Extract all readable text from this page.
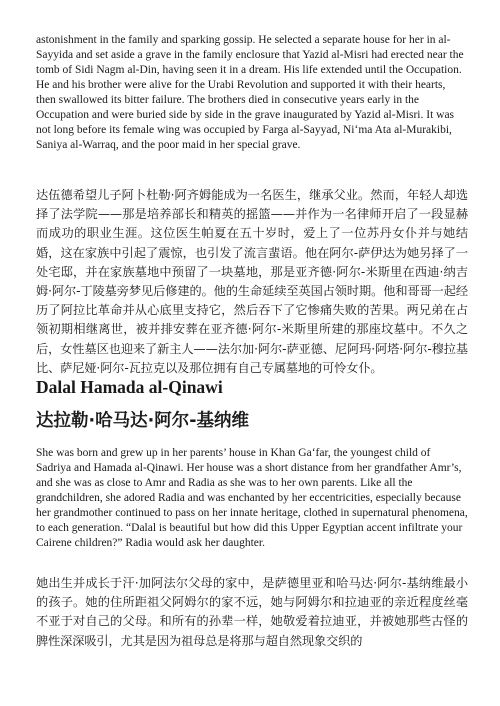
astonishment in the family and sparking gossip. He selected a separate house for her in al-Sayyida and set aside a grave in the family enclosure that Yazid al-Misri had erected near the tomb of Sidi Nagm al-Din, having seen it in a dream. His life extended until the Occupation. He and his brother were alive for the Urabi Revolution and supported it with their hearts, then swallowed its bitter failure. The brothers died in consecutive years early in the Occupation and were buried side by side in the grave inaugurated by Yazid al-Misri. It was not long before its female wing was occupied by Farga al-Sayyad, Ni‘ma Ata al-Murakibi, Saniya al-Warraq, and the poor maid in her special grave.

达伍德希望儿子阿卜杜勒·阿齐姆能成为一名医生，继承父业。然而，年轻人却选择了法学院——那是培养部长和精英的摇篮——并作为一名律师开启了一段显赫而成功的职业生涯。这位医生帕夏在五十岁时，爱上了一位苏丹女仆并与她结婚，这在家族中引起了震惊，也引发了流言蜚语。他在阿尔-萨伊达为她另择了一处宅邸，并在家族墓地中预留了一块墓地，那是亚齐德·阿尔-米斯里在西迪·纳吉姆·阿尔-丁陵墓旁梦见后修建的。他的生命延续至英国占领时期。他和哥哥一起经历了阿拉比革命并从心底里支持它，然后吞下了它惨痛失败的苦果。两兄弟在占领初期相继离世，被并排安葬在亚齐德·阿尔-米斯里所建的那座坟墓中。不久之后，女性墓区也迎来了新主人——法尔加·阿尔-萨亚德、尼阿玛·阿塔·阿尔-穆拉基比、萨尼娅·阿尔-瓦拉克以及那位拥有自己专属墓地的可怜女仆。

Dalal Hamada al-Qinawi
达拉勒·哈马达·阿尔-基纳维

She was born and grew up in her parents’ house in Khan Ga‘far, the youngest child of Sadriya and Hamada al-Qinawi. Her house was a short distance from her grandfather Amr’s, and she was as close to Amr and Radia as she was to her own parents. Like all the grandchildren, she adored Radia and was enchanted by her eccentricities, especially because her grandmother continued to pass on her innate heritage, clothed in supernatural phenomena, to each generation. “Dalal is beautiful but how did this Upper Egyptian accent infiltrate your Cairene children?” Radia would ask her daughter.

她出生并成长于汗·加阿法尔父母的家中，是萨德里亚和哈马达·阿尔-基纳维最小的孩子。她的住所距祖父阿姆尔的家不远，她与阿姆尔和拉迪亚的亲近程度丝毫不亚于对自己的父母。和所有的孙辈一样，她敬爱着拉迪亚，并被她那些古怪的脾性深深吸引，尤其是因为祖母总是将那与超自然现象交织的
